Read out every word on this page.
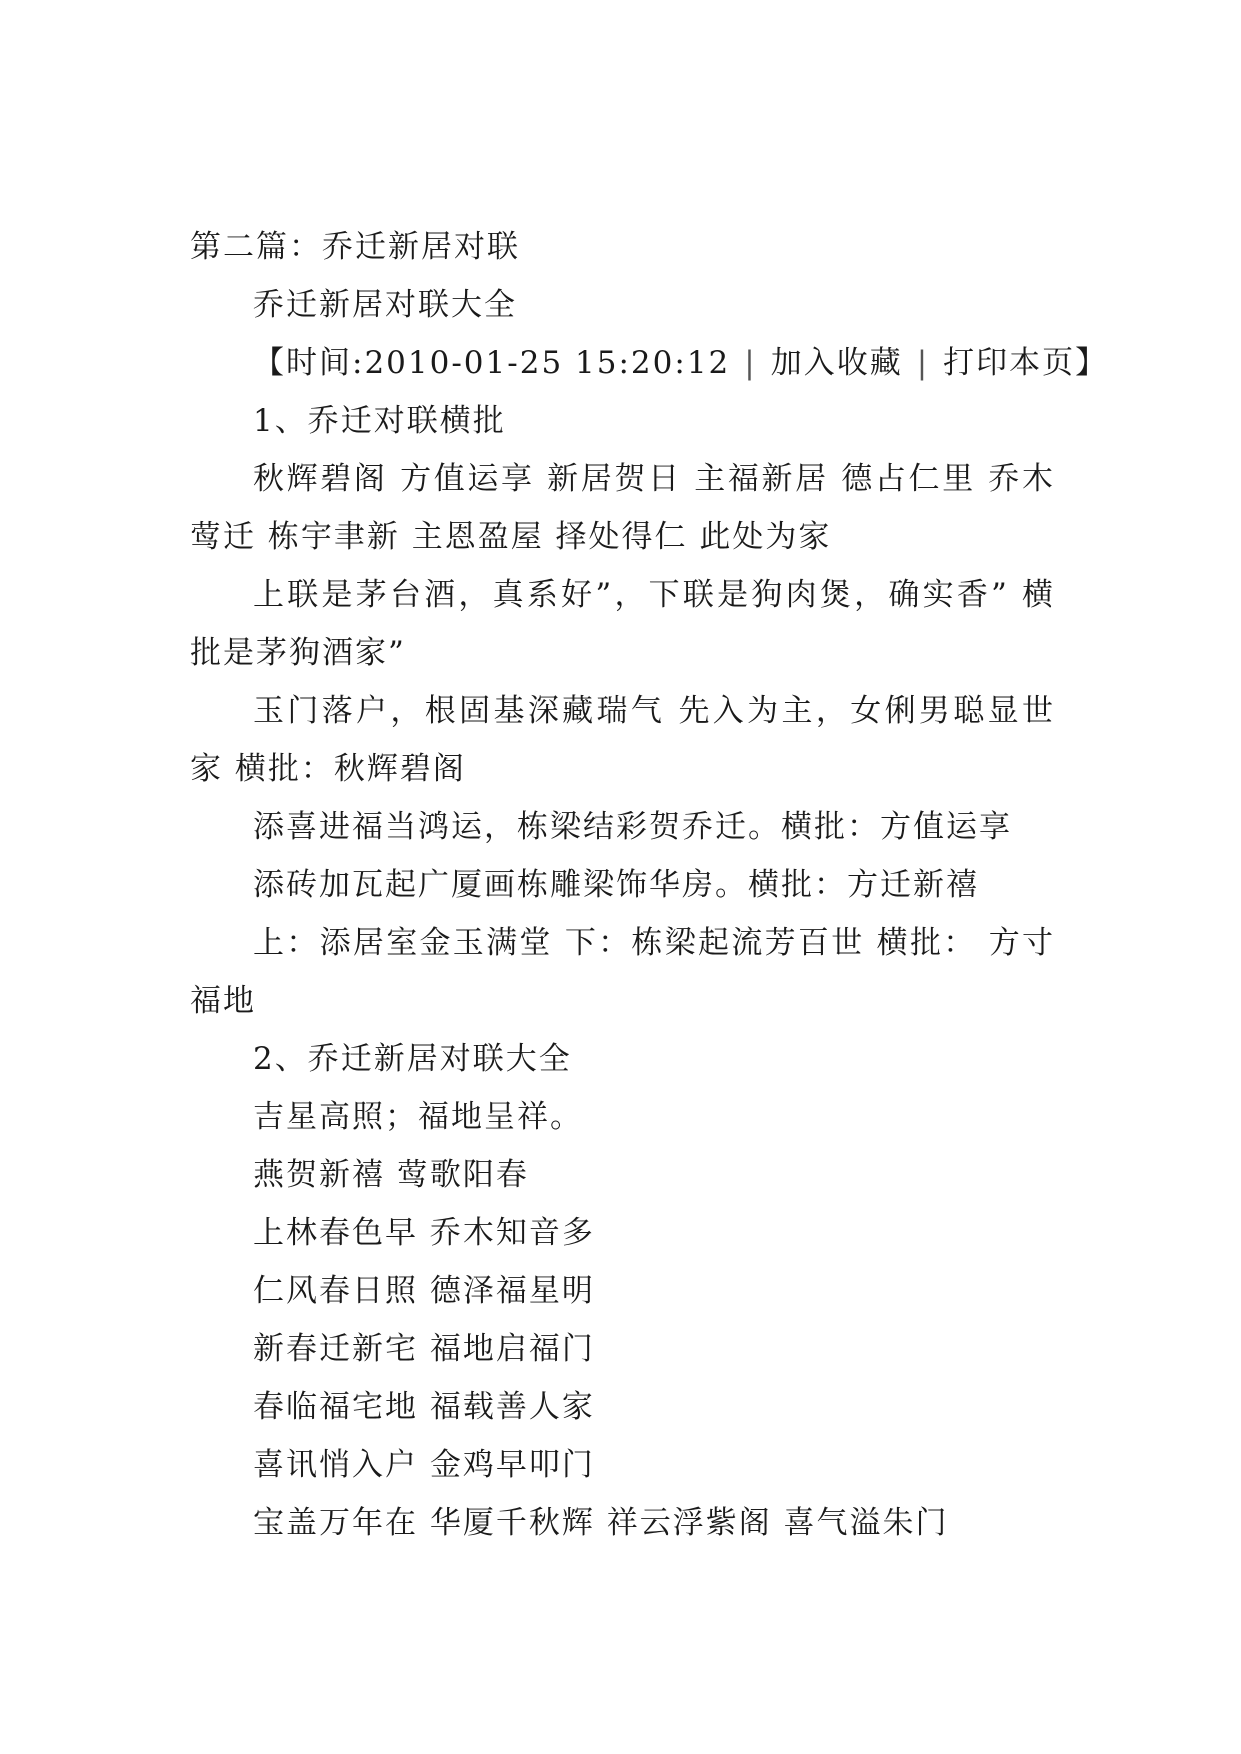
第二篇：乔迁新居对联

乔迁新居对联大全

【时间:2010-01-25 15:20:12 | 加入收藏 | 打印本页】

1、乔迁对联横批

秋辉碧阁 方值运享 新居贺日 主福新居 德占仁里 乔木莺迁 栋宇聿新 主恩盈屋 择处得仁 此处为家

上联是茅台酒，真系好”，下联是狗肉煲，确实香” 横批是茅狗酒家”

玉门落户，根固基深藏瑞气 先入为主，女俐男聪显世家 横批：秋辉碧阁

添喜进福当鸿运，栋梁结彩贺乔迁。横批：方值运享

添砖加瓦起广厦画栋雕梁饰华房。横批：方迁新禧

上：添居室金玉满堂 下：栋梁起流芳百世 横批： 方寸福地

2、乔迁新居对联大全

吉星高照；福地呈祥。

燕贺新禧 莺歌阳春

上林春色早 乔木知音多

仁风春日照 德泽福星明

新春迁新宅 福地启福门

春临福宅地 福载善人家

喜讯悄入户 金鸡早叩门

宝盖万年在 华厦千秋辉 祥云浮紫阁 喜气溢朱门
